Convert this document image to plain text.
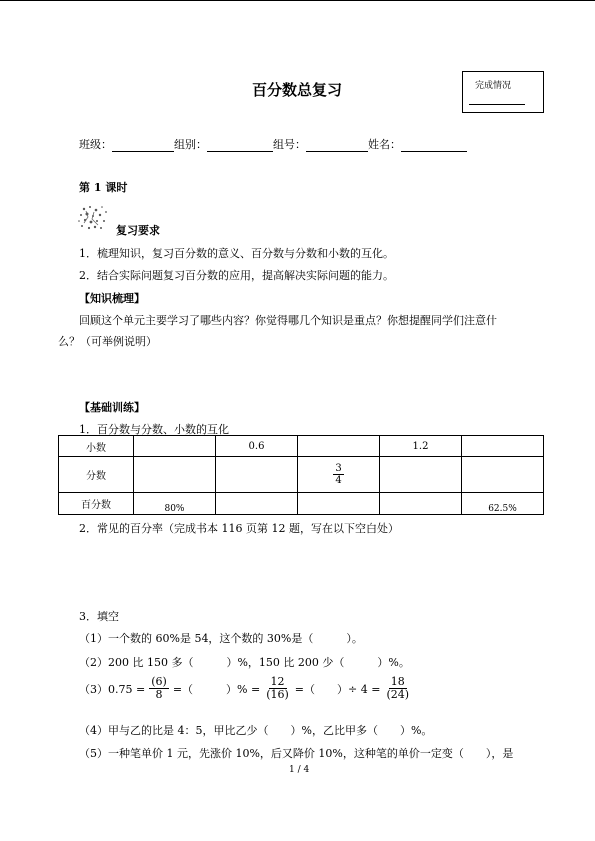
百分数总复习	完成情况
班级：	组别：	组号：	姓名：
第 1 课时
复习要求
1．梳理知识，复习百分数的意义、百分数与分数和小数的互化。
2．结合实际问题复习百分数的应用，提高解决实际问题的能力。
【知识梳理】
回顾这个单元主要学习了哪些内容？你觉得哪几个知识是重点？你想提醒同学们注意什
么？（可举例说明）
【基础训练】
1．百分数与分数、小数的互化
小数		0.6		1.2	
分数			$\frac{3}{4}$

百分数	80%				62.5%
2．常见的百分率（完成书本 116 页第 12 题，写在以下空白处）
3．填空
（1）一个数的 60%是 54，这个数的 30%是（　　　）。
（2）200 比 150 多（　　　）%，150 比 200 少（　　　）%。
$(3)0.75 = \frac{(6)}{8}$ =（　　　）% = $\frac{12}{(16)}$ =（　　）÷ $4 = \frac{18}{(24)}$
（4）甲与乙的比是 4：5，甲比乙少（　　）%，乙比甲多（　　）%。
（5）一种笔单价 1 元，先涨价 10%，后又降价 10%，这种笔的单价一定变（　　），是
1 / 4
